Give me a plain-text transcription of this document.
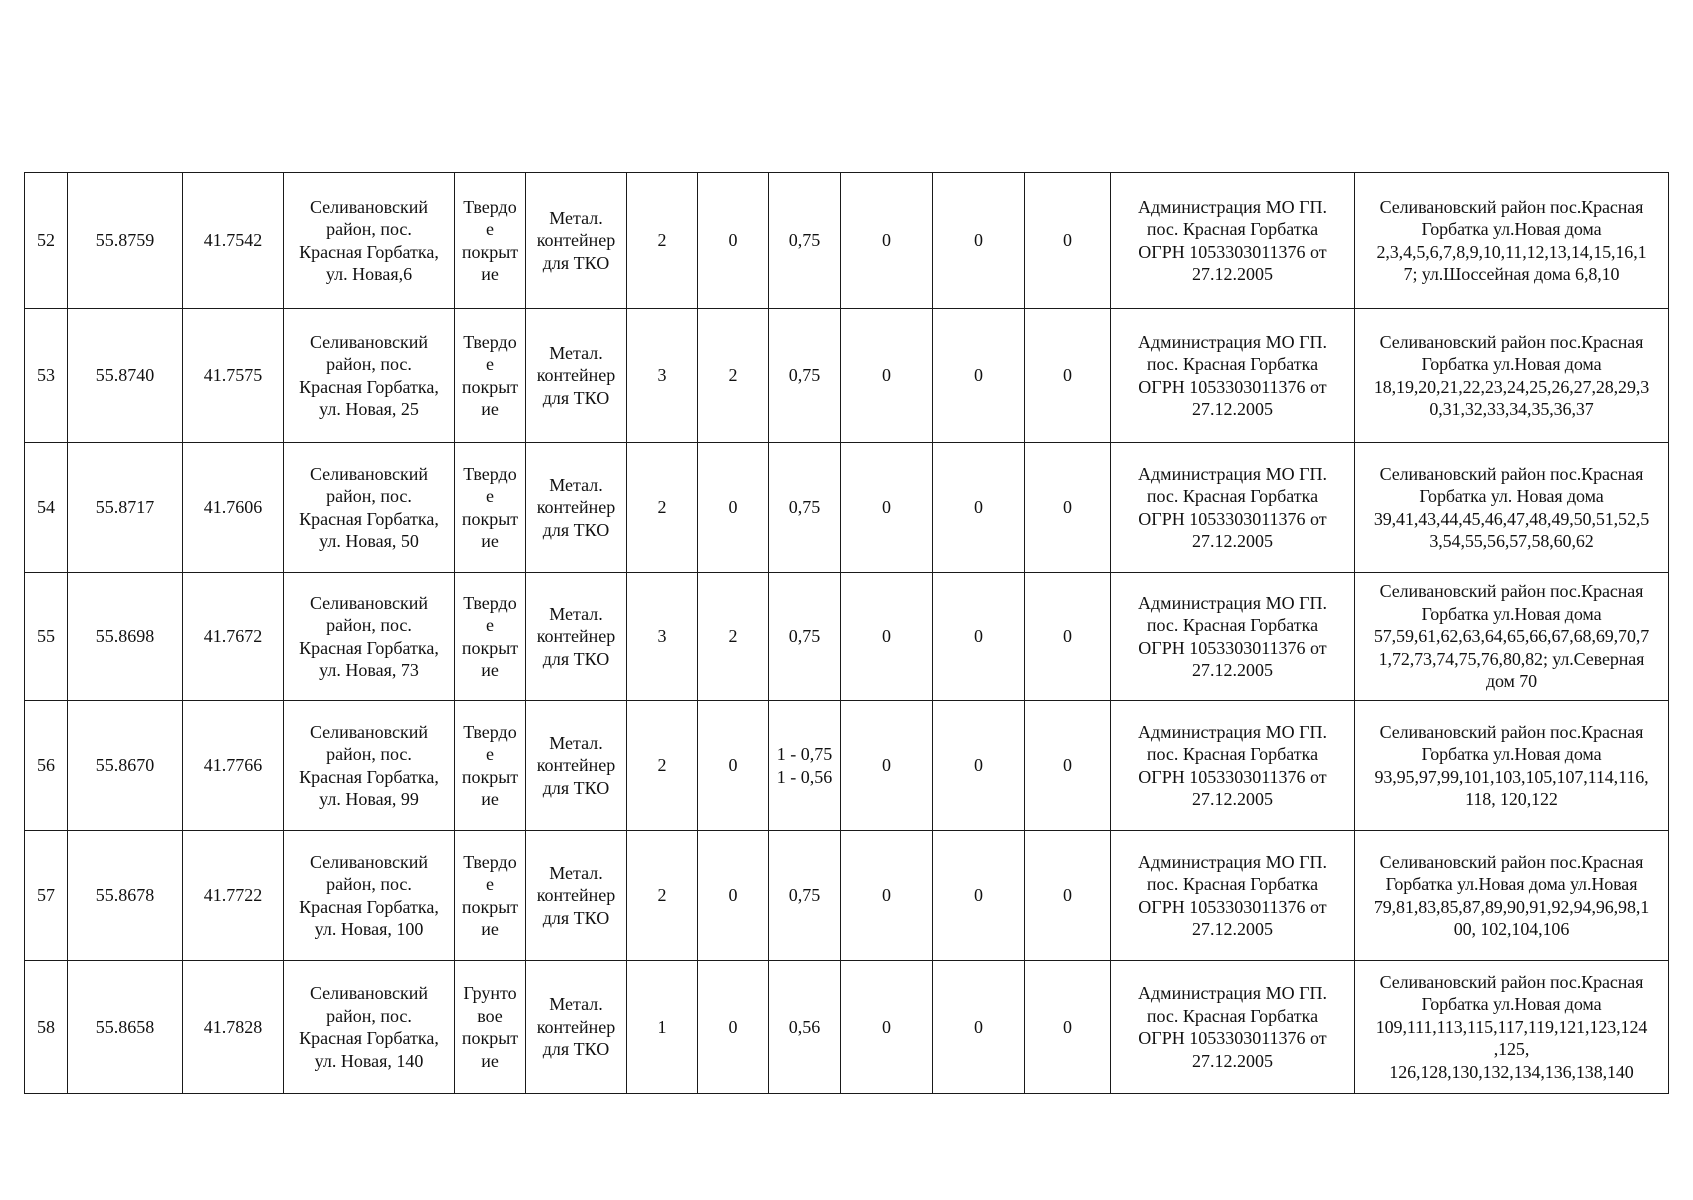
52	55.8759	41.7542	Селивановский
район, пос.
Красная Горбатка,
ул. Новая,6	Твердо
е
покрыт
ие	Метал.
контейнер
для ТКО	2	0	0,75	0	0	0	Администрация МО ГП.
пос. Красная Горбатка
ОГРН 1053303011376 от
27.12.2005	Селивановский район пос.Красная
Горбатка ул.Новая дома
2,3,4,5,6,7,8,9,10,11,12,13,14,15,16,1
7; ул.Шоссейная дома 6,8,10

53	55.8740	41.7575	Селивановский
район, пос.
Красная Горбатка,
ул. Новая, 25	Твердо
е
покрыт
ие	Метал.
контейнер
для ТКО	3	2	0,75	0	0	0	Администрация МО ГП.
пос. Красная Горбатка
ОГРН 1053303011376 от
27.12.2005	Селивановский район пос.Красная
Горбатка ул.Новая дома
18,19,20,21,22,23,24,25,26,27,28,29,3
0,31,32,33,34,35,36,37

54	55.8717	41.7606	Селивановский
район, пос.
Красная Горбатка,
ул. Новая, 50	Твердо
е
покрыт
ие	Метал.
контейнер
для ТКО	2	0	0,75	0	0	0	Администрация МО ГП.
пос. Красная Горбатка
ОГРН 1053303011376 от
27.12.2005	Селивановский район пос.Красная
Горбатка ул. Новая дома
39,41,43,44,45,46,47,48,49,50,51,52,5
3,54,55,56,57,58,60,62

55	55.8698	41.7672	Селивановский
район, пос.
Красная Горбатка,
ул. Новая, 73	Твердо
е
покрыт
ие	Метал.
контейнер
для ТКО	3	2	0,75	0	0	0	Администрация МО ГП.
пос. Красная Горбатка
ОГРН 1053303011376 от
27.12.2005	Селивановский район пос.Красная
Горбатка ул.Новая дома
57,59,61,62,63,64,65,66,67,68,69,70,7
1,72,73,74,75,76,80,82; ул.Северная
дом 70

56	55.8670	41.7766	Селивановский
район, пос.
Красная Горбатка,
ул. Новая, 99	Твердо
е
покрыт
ие	Метал.
контейнер
для ТКО	2	0	1 - 0,75
1 - 0,56	0	0	0	Администрация МО ГП.
пос. Красная Горбатка
ОГРН 1053303011376 от
27.12.2005	Селивановский район пос.Красная
Горбатка ул.Новая дома
93,95,97,99,101,103,105,107,114,116,
118, 120,122

57	55.8678	41.7722	Селивановский
район, пос.
Красная Горбатка,
ул. Новая, 100	Твердо
е
покрыт
ие	Метал.
контейнер
для ТКО	2	0	0,75	0	0	0	Администрация МО ГП.
пос. Красная Горбатка
ОГРН 1053303011376 от
27.12.2005	Селивановский район пос.Красная
Горбатка ул.Новая дома ул.Новая
79,81,83,85,87,89,90,91,92,94,96,98,1
00, 102,104,106

58	55.8658	41.7828	Селивановский
район, пос.
Красная Горбатка,
ул. Новая, 140	Грунто
вое
покрыт
ие	Метал.
контейнер
для ТКО	1	0	0,56	0	0	0	Администрация МО ГП.
пос. Красная Горбатка
ОГРН 1053303011376 от
27.12.2005	Селивановский район пос.Красная
Горбатка ул.Новая дома
109,111,113,115,117,119,121,123,124
,125,
126,128,130,132,134,136,138,140
